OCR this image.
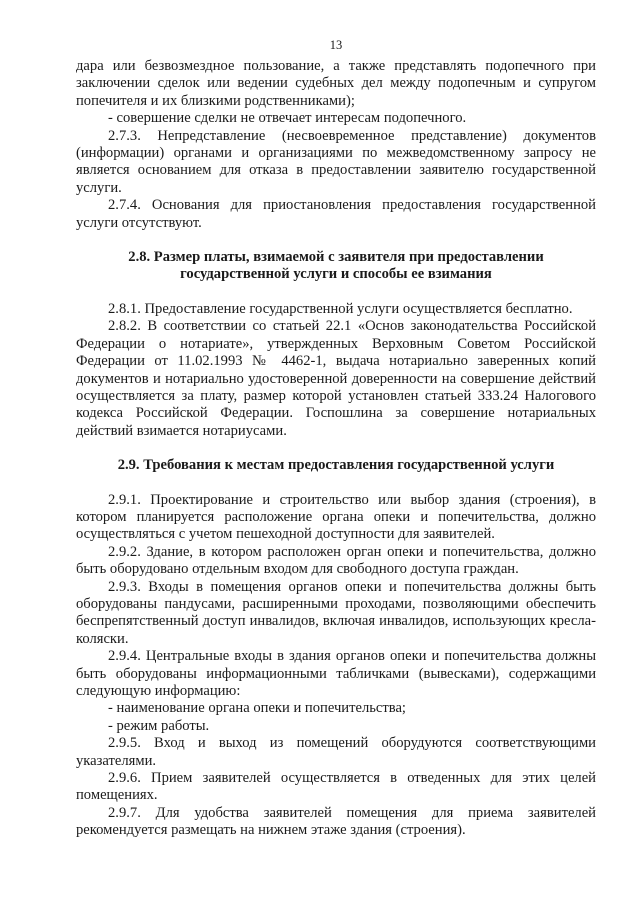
13

дара или безвозмездное пользование, а также представлять подопечного при заключении сделок или ведении судебных дел между подопечным и супругом попечителя и их близкими родственниками);

- совершение сделки не отвечает интересам подопечного.

2.7.3. Непредставление (несвоевременное представление) документов (информации) органами и организациями по межведомственному запросу не является основанием для отказа в предоставлении заявителю государственной услуги.

2.7.4. Основания для приостановления предоставления государственной услуги отсутствуют.

2.8. Размер платы, взимаемой с заявителя при предоставлении

государственной услуги и способы ее взимания

2.8.1. Предоставление государственной услуги осуществляется бесплатно.

2.8.2. В соответствии со статьей 22.1 «Основ законодательства Российской Федерации о нотариате», утвержденных Верховным Советом Российской Федерации от 11.02.1993 № 4462-1, выдача нотариально заверенных копий документов и нотариально удостоверенной доверенности на совершение действий осуществляется за плату, размер которой установлен статьей 333.24 Налогового кодекса Российской Федерации. Госпошлина за совершение нотариальных действий взимается нотариусами.

2.9. Требования к местам предоставления государственной услуги

2.9.1. Проектирование и строительство или выбор здания (строения), в котором планируется расположение органа опеки и попечительства, должно осуществляться с учетом пешеходной доступности для заявителей.

2.9.2. Здание, в котором расположен орган опеки и попечительства, должно быть оборудовано отдельным входом для свободного доступа граждан.

2.9.3. Входы в помещения органов опеки и попечительства должны быть оборудованы пандусами, расширенными проходами, позволяющими обеспечить беспрепятственный доступ инвалидов, включая инвалидов, использующих кресла-коляски.

2.9.4. Центральные входы в здания органов опеки и попечительства должны быть оборудованы информационными табличками (вывесками), содержащими следующую информацию:

- наименование органа опеки и попечительства;

- режим работы.

2.9.5. Вход и выход из помещений оборудуются соответствующими указателями.

2.9.6. Прием заявителей осуществляется в отведенных для этих целей помещениях.

2.9.7. Для удобства заявителей помещения для приема заявителей рекомендуется размещать на нижнем этаже здания (строения).
